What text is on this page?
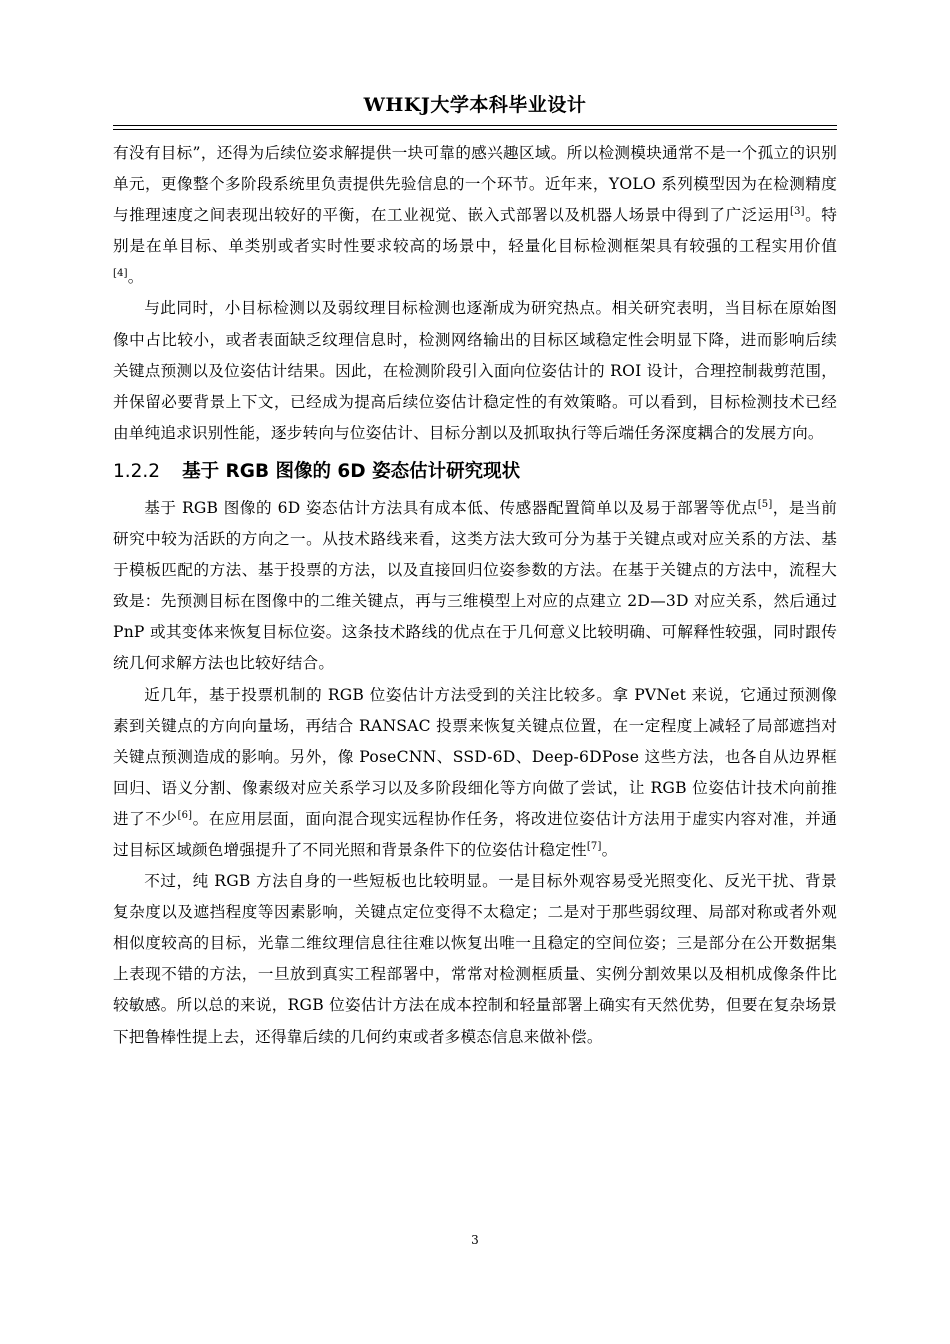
WHKJ大学本科毕业设计

有没有目标”，还得为后续位姿求解提供一块可靠的感兴趣区域。所以检测模块通常不是一个孤立的识别单元，更像整个多阶段系统里负责提供先验信息的一个环节。近年来，YOLO 系列模型因为在检测精度与推理速度之间表现出较好的平衡，在工业视觉、嵌入式部署以及机器人场景中得到了广泛运用[3]。特别是在单目标、单类别或者实时性要求较高的场景中，轻量化目标检测框架具有较强的工程实用价值[4]。

与此同时，小目标检测以及弱纹理目标检测也逐渐成为研究热点。相关研究表明，当目标在原始图像中占比较小，或者表面缺乏纹理信息时，检测网络输出的目标区域稳定性会明显下降，进而影响后续关键点预测以及位姿估计结果。因此，在检测阶段引入面向位姿估计的 ROI 设计，合理控制裁剪范围，并保留必要背景上下文，已经成为提高后续位姿估计稳定性的有效策略。可以看到，目标检测技术已经由单纯追求识别性能，逐步转向与位姿估计、目标分割以及抓取执行等后端任务深度耦合的发展方向。

1.2.2 基于 RGB 图像的 6D 姿态估计研究现状

基于 RGB 图像的 6D 姿态估计方法具有成本低、传感器配置简单以及易于部署等优点[5]，是当前研究中较为活跃的方向之一。从技术路线来看，这类方法大致可分为基于关键点或对应关系的方法、基于模板匹配的方法、基于投票的方法，以及直接回归位姿参数的方法。在基于关键点的方法中，流程大致是：先预测目标在图像中的二维关键点，再与三维模型上对应的点建立 2D—3D 对应关系，然后通过 PnP 或其变体来恢复目标位姿。这条技术路线的优点在于几何意义比较明确、可解释性较强，同时跟传统几何求解方法也比较好结合。

近几年，基于投票机制的 RGB 位姿估计方法受到的关注比较多。拿 PVNet 来说，它通过预测像素到关键点的方向向量场，再结合 RANSAC 投票来恢复关键点位置，在一定程度上减轻了局部遮挡对关键点预测造成的影响。另外，像 PoseCNN、SSD-6D、Deep-6DPose 这些方法，也各自从边界框回归、语义分割、像素级对应关系学习以及多阶段细化等方向做了尝试，让 RGB 位姿估计技术向前推进了不少[6]。在应用层面，面向混合现实远程协作任务，将改进位姿估计方法用于虚实内容对准，并通过目标区域颜色增强提升了不同光照和背景条件下的位姿估计稳定性[7]。

不过，纯 RGB 方法自身的一些短板也比较明显。一是目标外观容易受光照变化、反光干扰、背景复杂度以及遮挡程度等因素影响，关键点定位变得不太稳定；二是对于那些弱纹理、局部对称或者外观相似度较高的目标，光靠二维纹理信息往往难以恢复出唯一且稳定的空间位姿；三是部分在公开数据集上表现不错的方法，一旦放到真实工程部署中，常常对检测框质量、实例分割效果以及相机成像条件比较敏感。所以总的来说，RGB 位姿估计方法在成本控制和轻量部署上确实有天然优势，但要在复杂场景下把鲁棒性提上去，还得靠后续的几何约束或者多模态信息来做补偿。

3
